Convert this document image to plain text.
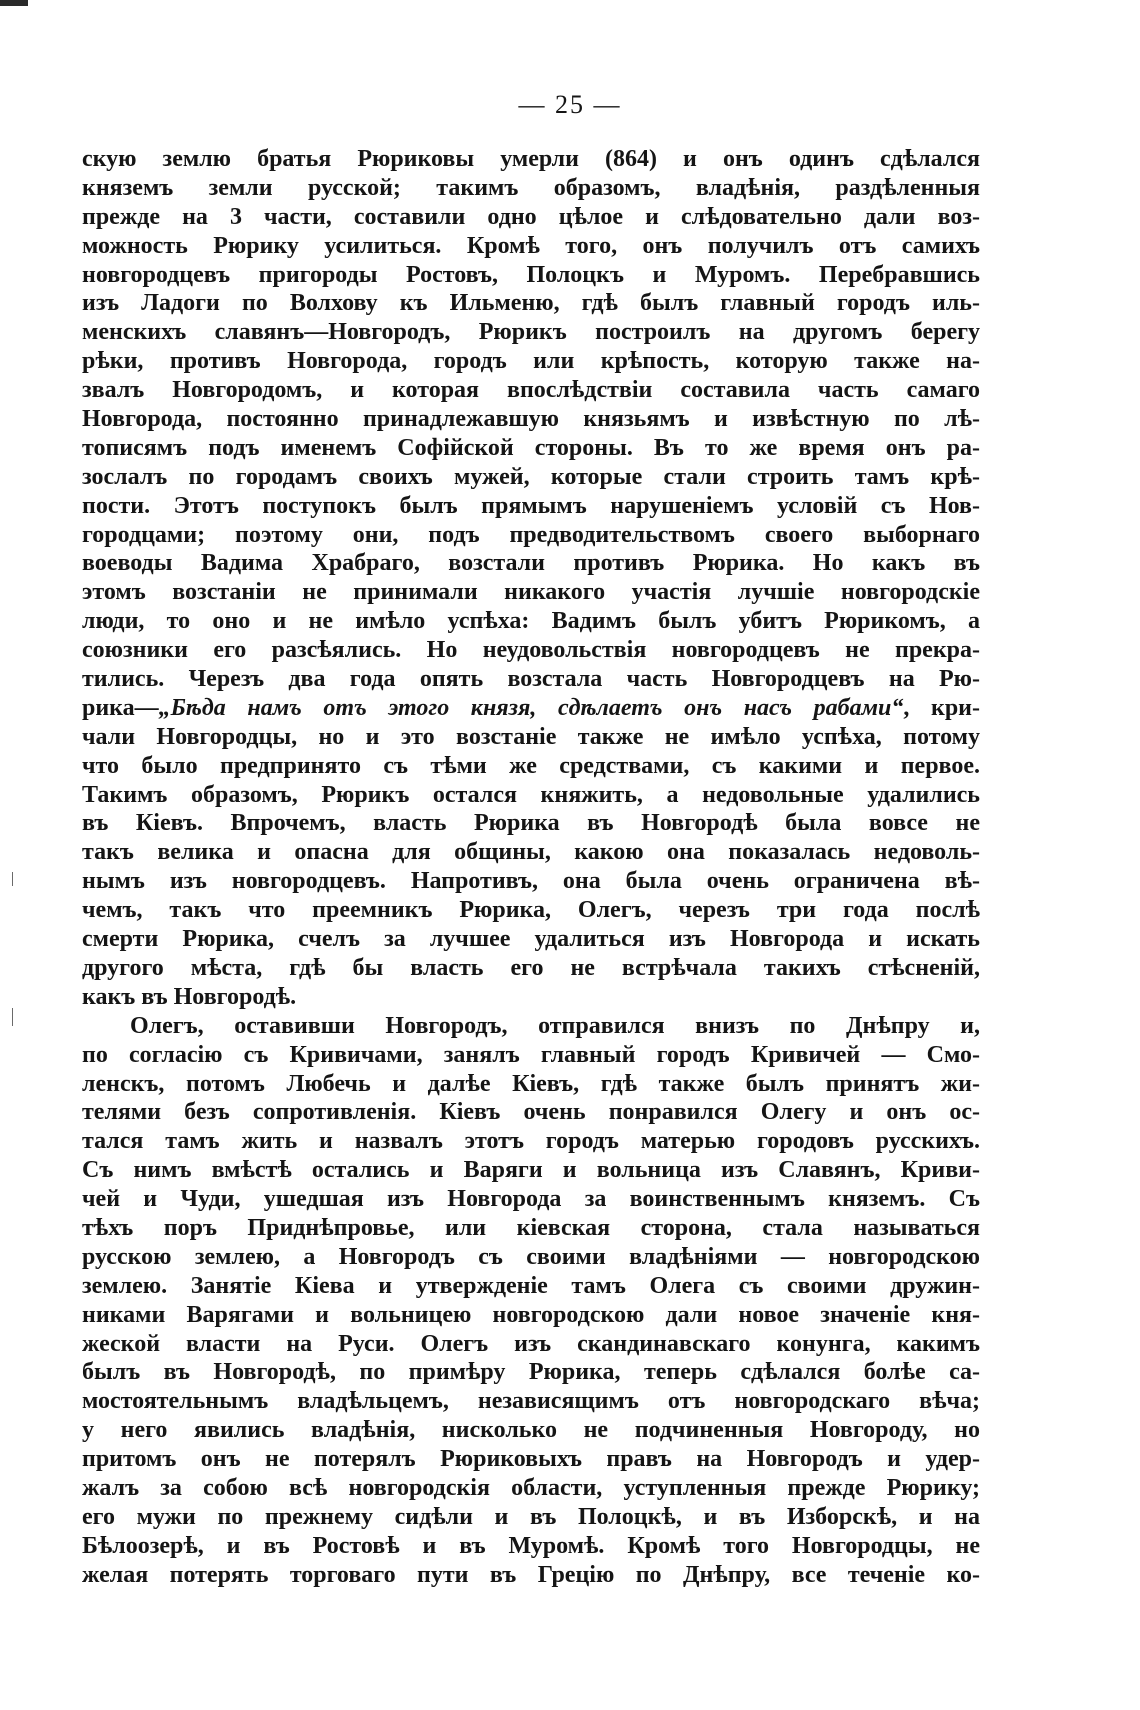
— 25 —
скую землю братья Рюриковы умерли (864) и онъ одинъ сдѣлался
княземъ земли русской; такимъ образомъ, владѣнія, раздѣленныя
прежде на 3 части, составили одно цѣлое и слѣдовательно дали воз-
можность Рюрику усилиться. Кромѣ того, онъ получилъ отъ самихъ
новгородцевъ пригороды Ростовъ, Полоцкъ и Муромъ. Перебравшись
изъ Ладоги по Волхову къ Ильменю, гдѣ былъ главный городъ иль-
менскихъ славянъ—Новгородъ, Рюрикъ построилъ на другомъ берегу
рѣки, противъ Новгорода, городъ или крѣпость, которую также на-
звалъ Новгородомъ, и которая впослѣдствіи составила часть самаго
Новгорода, постоянно принадлежавшую князьямъ и извѣстную по лѣ-
тописямъ подъ именемъ Софійской стороны. Въ то же время онъ ра-
зослалъ по городамъ своихъ мужей, которые стали строить тамъ крѣ-
пости. Этотъ поступокъ былъ прямымъ нарушеніемъ условій съ Нов-
городцами; поэтому они, подъ предводительствомъ своего выборнаго
воеводы Вадима Храбраго, возстали противъ Рюрика. Но какъ въ
этомъ возстаніи не принимали никакого участія лучшіе новгородскіе
люди, то оно и не имѣло успѣха: Вадимъ былъ убитъ Рюрикомъ, а
союзники его разсѣялись. Но неудовольствія новгородцевъ не прекра-
тились. Черезъ два года опять возстала часть Новгородцевъ на Рю-
рика—„Бѣда намъ отъ этого князя, сдѣлаетъ онъ насъ рабами“, кри-
чали Новгородцы, но и это возстаніе также не имѣло успѣха, потому
что было предпринято съ тѣми же средствами, съ какими и первое.
Такимъ образомъ, Рюрикъ остался княжить, а недовольные удалились
въ Кіевъ. Впрочемъ, власть Рюрика въ Новгородѣ была вовсе не
такъ велика и опасна для общины, какою она показалась недоволь-
нымъ изъ новгородцевъ. Напротивъ, она была очень ограничена вѣ-
чемъ, такъ что преемникъ Рюрика, Олегъ, черезъ три года послѣ
смерти Рюрика, счелъ за лучшее удалиться изъ Новгорода и искать
другого мѣста, гдѣ бы власть его не встрѣчала такихъ стѣсненій,
какъ въ Новгородѣ.
Олегъ, оставивши Новгородъ, отправился внизъ по Днѣпру и,
по согласію съ Кривичами, занялъ главный городъ Кривичей — Смо-
ленскъ, потомъ Любечь и далѣе Кіевъ, гдѣ также былъ принятъ жи-
телями безъ сопротивленія. Кіевъ очень понравился Олегу и онъ ос-
тался тамъ жить и назвалъ этотъ городъ матерью городовъ русскихъ.
Съ нимъ вмѣстѣ остались и Варяги и вольница изъ Славянъ, Криви-
чей и Чуди, ушедшая изъ Новгорода за воинственнымъ княземъ. Съ
тѣхъ поръ Приднѣпровье, или кіевская сторона, стала называться
русскою землею, а Новгородъ съ своими владѣніями — новгородскою
землею. Занятіе Кіева и утвержденіе тамъ Олега съ своими дружин-
никами Варягами и вольницею новгородскою дали новое значеніе кня-
жеской власти на Руси. Олегъ изъ скандинавскаго конунга, какимъ
былъ въ Новгородѣ, по примѣру Рюрика, теперь сдѣлался болѣе са-
мостоятельнымъ владѣльцемъ, независящимъ отъ новгородскаго вѣча;
у него явились владѣнія, нисколько не подчиненныя Новгороду, но
притомъ онъ не потерялъ Рюриковыхъ правъ на Новгородъ и удер-
жалъ за собою всѣ новгородскія области, уступленныя прежде Рюрику;
его мужи по прежнему сидѣли и въ Полоцкѣ, и въ Изборскѣ, и на
Бѣлоозерѣ, и въ Ростовѣ и въ Муромѣ. Кромѣ того Новгородцы, не
желая потерять торговаго пути въ Грецію по Днѣпру, все теченіе ко-
